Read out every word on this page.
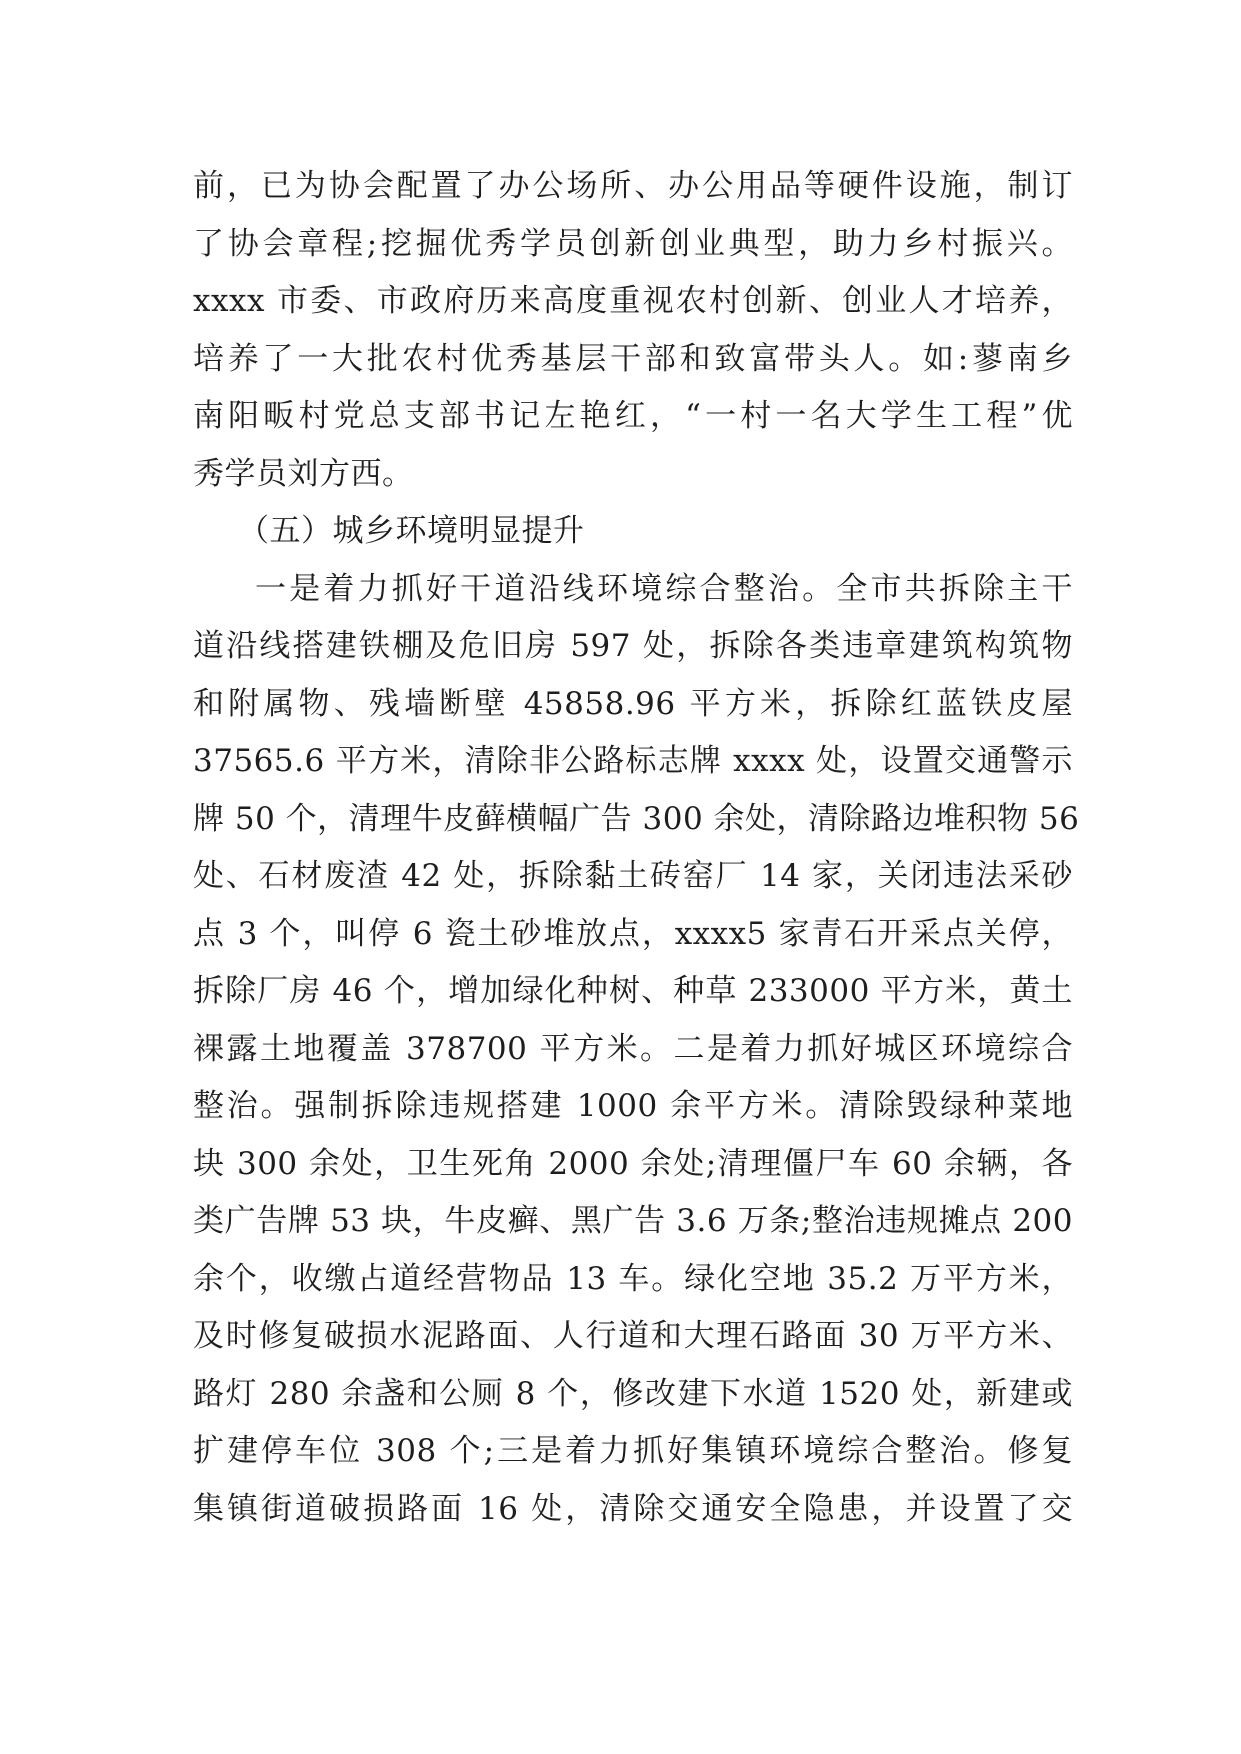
前，已为协会配置了办公场所、办公用品等硬件设施，制订
了协会章程;挖掘优秀学员创新创业典型，助力乡村振兴。
xxxx 市委、市政府历来高度重视农村创新、创业人才培养，
培养了一大批农村优秀基层干部和致富带头人。如:蓼南乡
南阳畈村党总支部书记左艳红，“一村一名大学生工程”优
秀学员刘方西。
（五）城乡环境明显提升
一是着力抓好干道沿线环境综合整治。全市共拆除主干
道沿线搭建铁棚及危旧房 597 处，拆除各类违章建筑构筑物
和附属物、残墙断壁 45858.96 平方米，拆除红蓝铁皮屋
37565.6 平方米，清除非公路标志牌 xxxx 处，设置交通警示
牌 50 个，清理牛皮藓横幅广告 300 余处，清除路边堆积物 56
处、石材废渣 42 处，拆除黏土砖窑厂 14 家，关闭违法采砂
点 3 个，叫停 6 瓷土砂堆放点，xxxx5 家青石开采点关停，
拆除厂房 46 个，增加绿化种树、种草 233000 平方米，黄土
裸露土地覆盖 378700 平方米。二是着力抓好城区环境综合
整治。强制拆除违规搭建 1000 余平方米。清除毁绿种菜地
块 300 余处，卫生死角 2000 余处;清理僵尸车 60 余辆，各
类广告牌 53 块，牛皮癣、黑广告 3.6 万条;整治违规摊点 200
余个，收缴占道经营物品 13 车。绿化空地 35.2 万平方米，
及时修复破损水泥路面、人行道和大理石路面 30 万平方米、
路灯 280 余盏和公厕 8 个，修改建下水道 1520 处，新建或
扩建停车位 308 个;三是着力抓好集镇环境综合整治。修复
集镇街道破损路面 16 处，清除交通安全隐患，并设置了交
